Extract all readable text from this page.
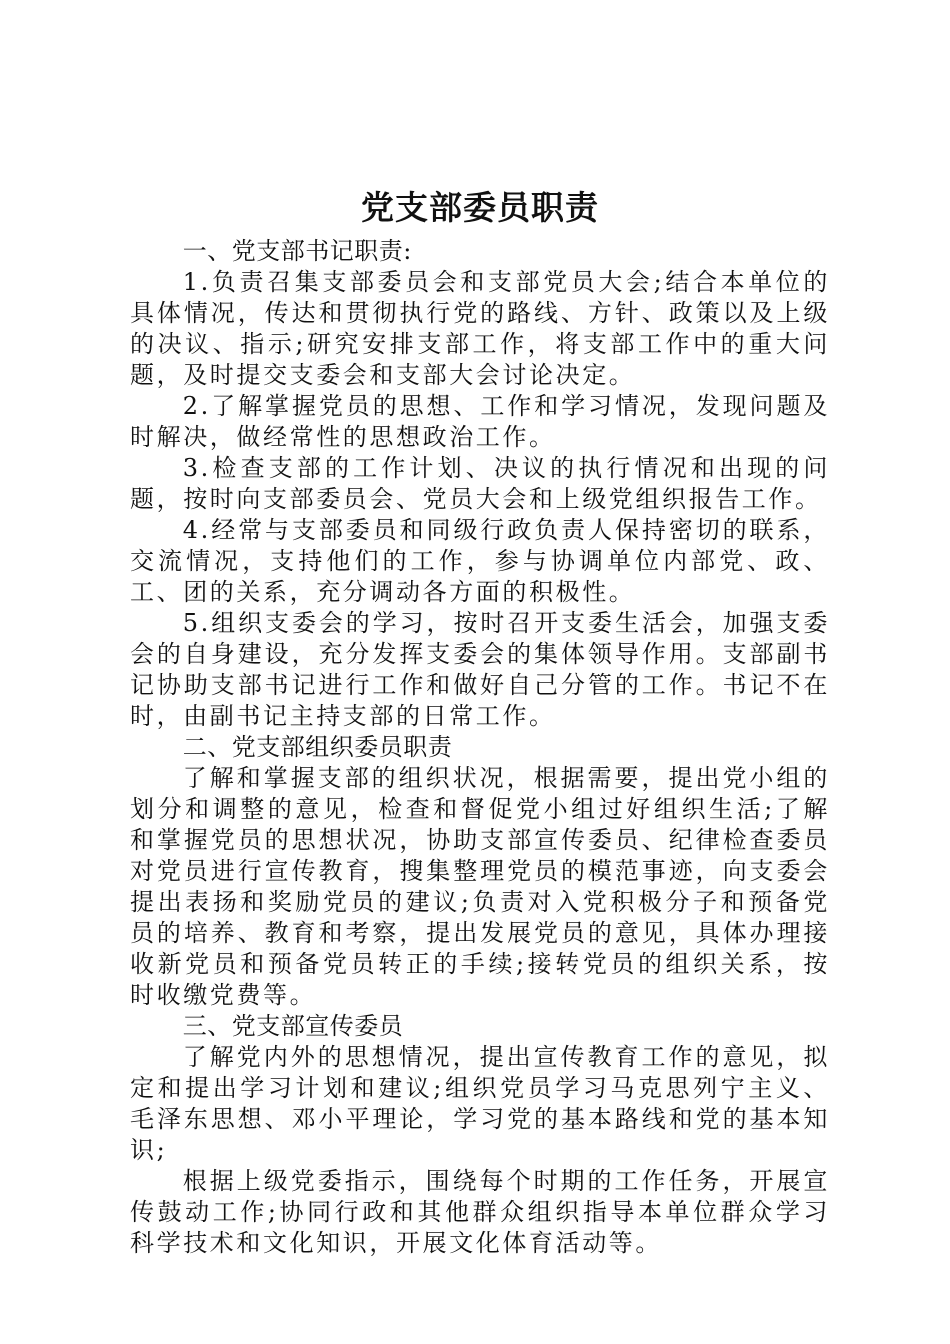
党支部委员职责

一、党支部书记职责:

1.负责召集支部委员会和支部党员大会;结合本单位的具体情况，传达和贯彻执行党的路线、方针、政策以及上级的决议、指示;研究安排支部工作，将支部工作中的重大问题，及时提交支委会和支部大会讨论决定。

2.了解掌握党员的思想、工作和学习情况，发现问题及时解决，做经常性的思想政治工作。

3.检查支部的工作计划、决议的执行情况和出现的问题，按时向支部委员会、党员大会和上级党组织报告工作。

4.经常与支部委员和同级行政负责人保持密切的联系，交流情况，支持他们的工作，参与协调单位内部党、政、工、团的关系，充分调动各方面的积极性。

5.组织支委会的学习，按时召开支委生活会，加强支委会的自身建设，充分发挥支委会的集体领导作用。支部副书记协助支部书记进行工作和做好自己分管的工作。书记不在时，由副书记主持支部的日常工作。

二、党支部组织委员职责

了解和掌握支部的组织状况，根据需要，提出党小组的划分和调整的意见，检查和督促党小组过好组织生活;了解和掌握党员的思想状况，协助支部宣传委员、纪律检查委员对党员进行宣传教育，搜集整理党员的模范事迹，向支委会提出表扬和奖励党员的建议;负责对入党积极分子和预备党员的培养、教育和考察，提出发展党员的意见，具体办理接收新党员和预备党员转正的手续;接转党员的组织关系，按时收缴党费等。

三、党支部宣传委员

了解党内外的思想情况，提出宣传教育工作的意见，拟定和提出学习计划和建议;组织党员学习马克思列宁主义、毛泽东思想、邓小平理论，学习党的基本路线和党的基本知识;

根据上级党委指示，围绕每个时期的工作任务，开展宣传鼓动工作;协同行政和其他群众组织指导本单位群众学习科学技术和文化知识，开展文化体育活动等。
